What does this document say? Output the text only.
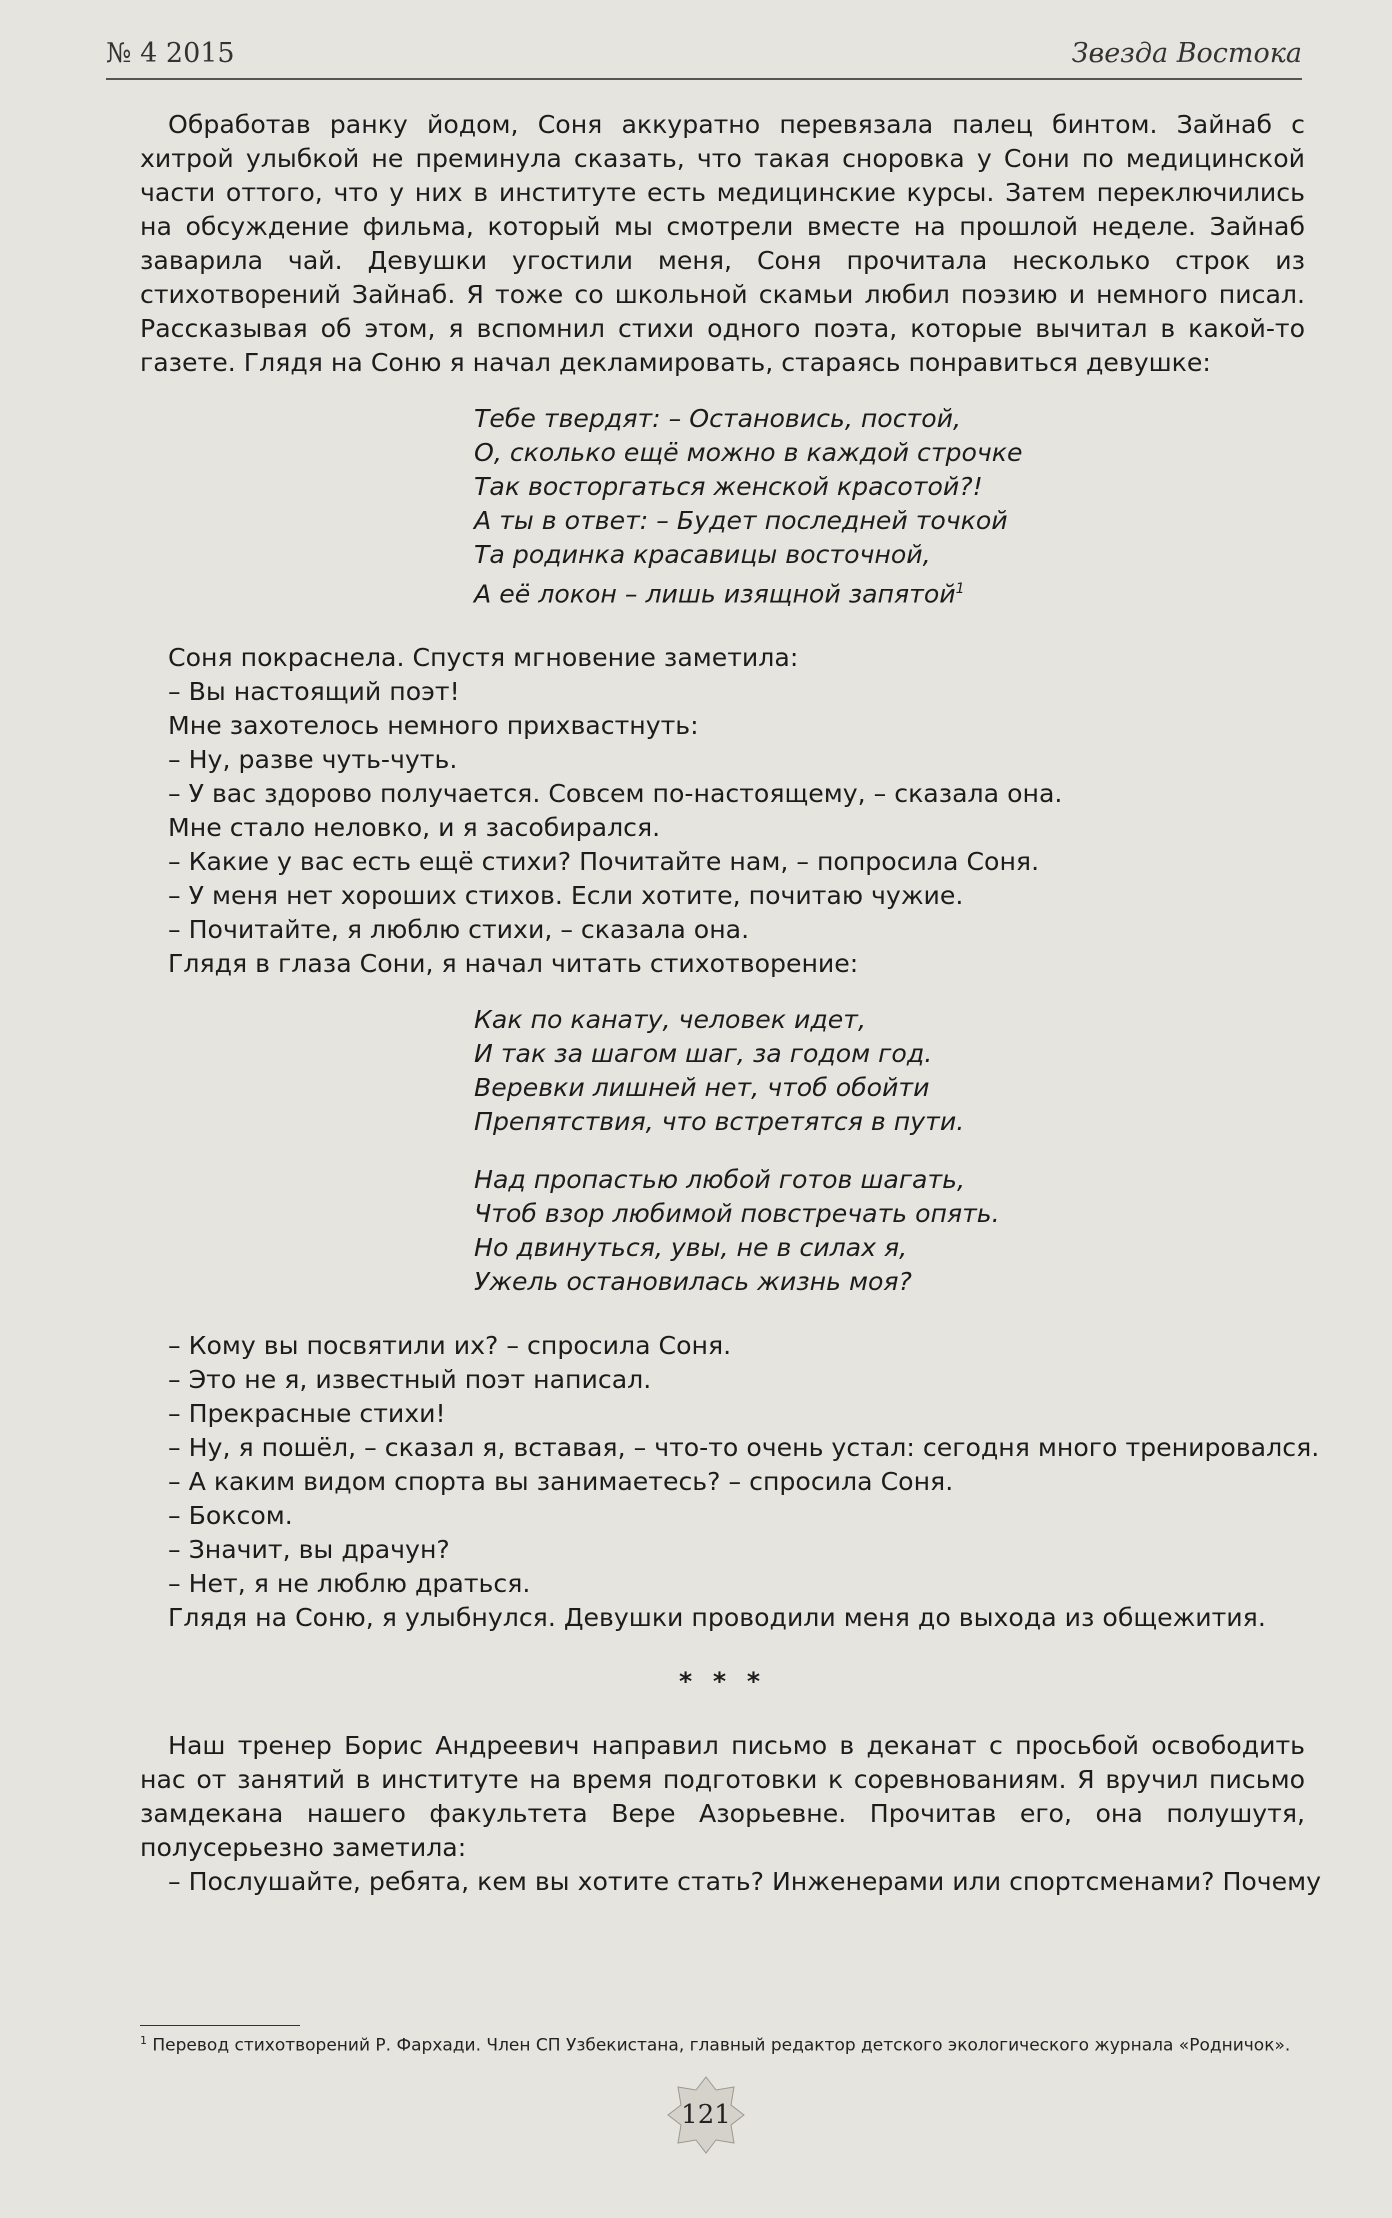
№ 4 2015	Звезда Востока

Обработав ранку йодом, Соня аккуратно перевязала палец бинтом. Зайнаб с хитрой улыбкой не преминула сказать, что такая сноровка у Сони по медицинской части оттого, что у них в институте есть медицинские курсы. Затем переключились на обсуждение фильма, который мы смотрели вместе на прошлой неделе. Зайнаб заварила чай. Девушки угостили меня, Соня прочитала несколько строк из стихотворений Зайнаб. Я тоже со школьной скамьи любил поэзию и немного писал. Рассказывая об этом, я вспомнил стихи одного поэта, которые вычитал в какой-то газете. Глядя на Соню я начал декламировать, стараясь понравиться девушке:

Тебе твердят: – Остановись, постой,
О, сколько ещё можно в каждой строчке
Так восторгаться женской красотой?!
А ты в ответ: – Будет последней точкой
Та родинка красавицы восточной,
А её локон – лишь изящной запятой$^1$
Соня покраснела. Спустя мгновение заметила:
– Вы настоящий поэт!
Мне захотелось немного прихвастнуть:
– Ну, разве чуть-чуть.
– У вас здорово получается. Совсем по-настоящему, – сказала она.
Мне стало неловко, и я засобирался.
– Какие у вас есть ещё стихи? Почитайте нам, – попросила Соня.
– У меня нет хороших стихов. Если хотите, почитаю чужие.
– Почитайте, я люблю стихи, – сказала она.
Глядя в глаза Сони, я начал читать стихотворение:
Как по канату, человек идет,
И так за шагом шаг, за годом год.
Веревки лишней нет, чтоб обойти
Препятствия, что встретятся в пути.
Над пропастью любой готов шагать,
Чтоб взор любимой повстречать опять.
Но двинуться, увы, не в силах я,
Ужель остановилась жизнь моя?
– Кому вы посвятили их? – спросила Соня.
– Это не я, известный поэт написал.
– Прекрасные стихи!
– Ну, я пошёл, – сказал я, вставая, – что-то очень устал: сегодня много тренировался.
– А каким видом спорта вы занимаетесь? – спросила Соня.
– Боксом.
– Значит, вы драчун?
– Нет, я не люблю драться.
Глядя на Соню, я улыбнулся. Девушки проводили меня до выхода из общежития.
* * *

Наш тренер Борис Андреевич направил письмо в деканат с просьбой освободить нас от занятий в институте на время подготовки к соревнованиям. Я вручил письмо замдекана нашего факультета Вере Азорьевне. Прочитав его, она полушутя, полусерьезно заметила:

– Послушайте, ребята, кем вы хотите стать? Инженерами или спортсменами? Почему

$^1$ Перевод стихотворений Р. Фархади. Член СП Узбекистана, главный редактор детского экологического журнала «Родничок».
121
